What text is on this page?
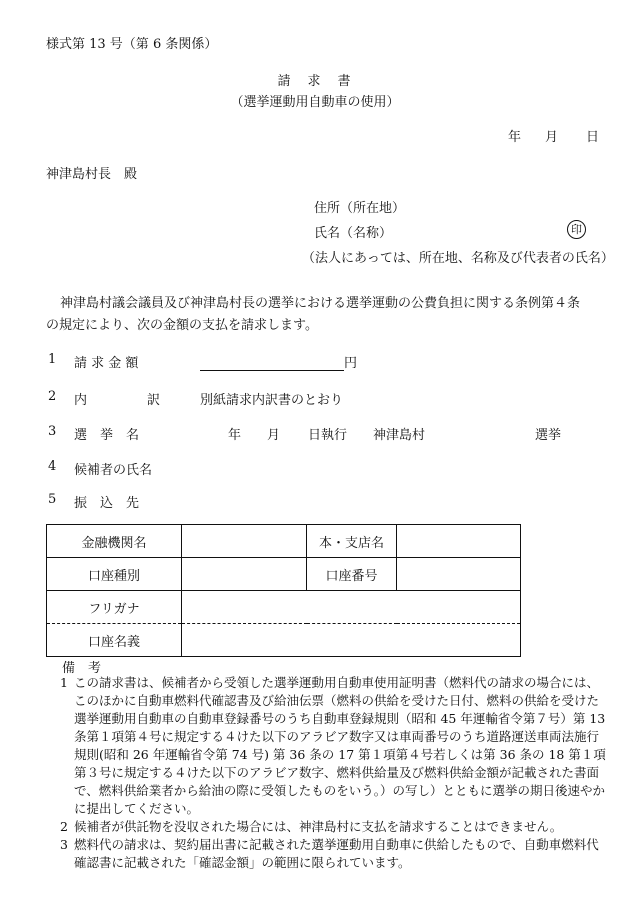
様式第 13 号（第 6 条関係）
請　求　書
（選挙運動用自動車の使用）
年 月 日
神津島村長　殿
住所（所在地）
氏名（名称）	印
（法人にあっては、所在地、名称及び代表者の氏名）
神津島村議会議員及び神津島村長の選挙における選挙運動の公費負担に関する条例第４条
の規定により、次の金額の支払を請求します。
1 請 求 金 額	円
2 内	訳	別紙請求内訳書のとおり
3 選　挙　名	年 月 日執行 神津島村	選挙
4 候補者の氏名
5 振　込　先
金融機関名		本・支店名	
口座種別		口座番号	
フリガナ			
口座名義			
備　考

1 この請求書は、候補者から受領した選挙運動用自動車使用証明書（燃料代の請求の場合には、このほかに自動車燃料代確認書及び給油伝票（燃料の供給を受けた日付、燃料の供給を受けた選挙運動用自動車の自動車登録番号のうち自動車登録規則（昭和 45 年運輸省令第７号）第 13 条第１項第４号に規定する４けた以下のアラビア数字又は車両番号のうち道路運送車両法施行規則(昭和 26 年運輸省令第 74 号) 第 36 条の 17 第１項第４号若しくは第 36 条の 18 第１項第３号に規定する４けた以下のアラビア数字、燃料供給量及び燃料供給金額が記載された書面で、燃料供給業者から給油の際に受領したものをいう。）の写し）とともに選挙の期日後速やかに提出してください。

2 候補者が供託物を没収された場合には、神津島村に支払を請求することはできません。

3 燃料代の請求は、契約届出書に記載された選挙運動用自動車に供給したもので、自動車燃料代確認書に記載された「確認金額」の範囲に限られています。
